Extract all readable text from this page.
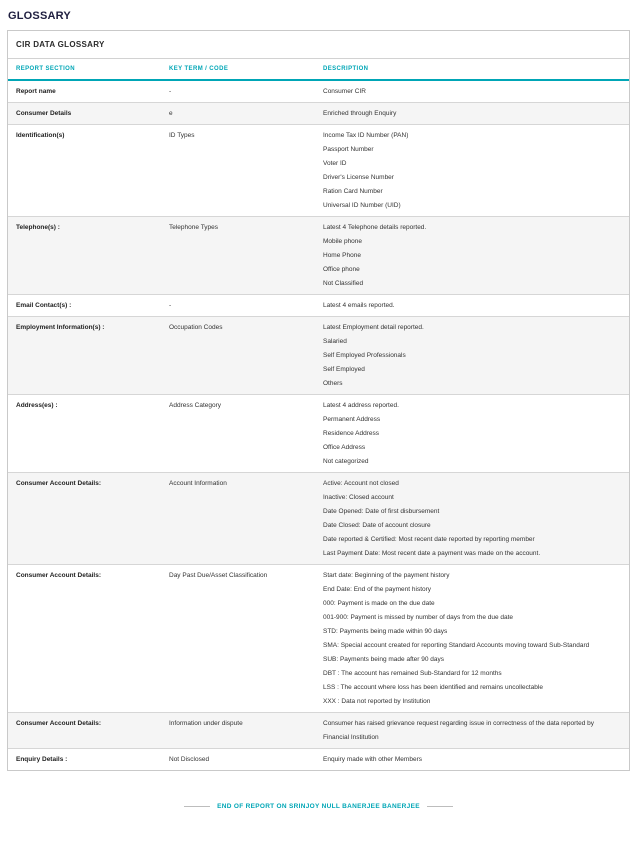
GLOSSARY
CIR DATA GLOSSARY
REPORT SECTION	KEY TERM / CODE	DESCRIPTION
Report name	-	Consumer CIR

Consumer Details	e	Enriched through Enquiry

Identification(s)	ID Types	Income Tax ID Number (PAN)
Passport Number
Voter ID
Driver's License Number
Ration Card Number
Universal ID Number (UID)

Telephone(s) :	Telephone Types	Latest 4 Telephone details reported.
Mobile phone
Home Phone
Office phone
Not Classified

Email Contact(s) :	-	Latest 4 emails reported.

Employment Information(s) :	Occupation Codes	Latest Employment detail reported.
Salaried
Self Employed Professionals
Self Employed
Others

Address(es) :	Address Category	Latest 4 address reported.
Permanent Address
Residence Address
Office Address
Not categorized

Consumer Account Details:	Account Information	Active: Account not closed
Inactive: Closed account
Date Opened: Date of first disbursement
Date Closed: Date of account closure
Date reported & Certified: Most recent date reported by reporting member
Last Payment Date: Most recent date a payment was made on the account.

Consumer Account Details:	Day Past Due/Asset Classification	Start date: Beginning of the payment history
End Date: End of the payment history
000: Payment is made on the due date
001-900: Payment is missed by number of days from the due date
STD: Payments being made within 90 days
SMA: Special account created for reporting Standard Accounts moving toward Sub-Standard
SUB: Payments being made after 90 days
DBT : The account has remained Sub-Standard for 12 months
LSS : The account where loss has been identified and remains uncollectable
XXX : Data not reported by Institution

Consumer Account Details:	Information under dispute	Consumer has raised grievance request regarding issue in correctness of the data reported by Financial Institution

Enquiry Details :	Not Disclosed	Enquiry made with other Members
END OF REPORT ON SRINJOY NULL BANERJEE BANERJEE
